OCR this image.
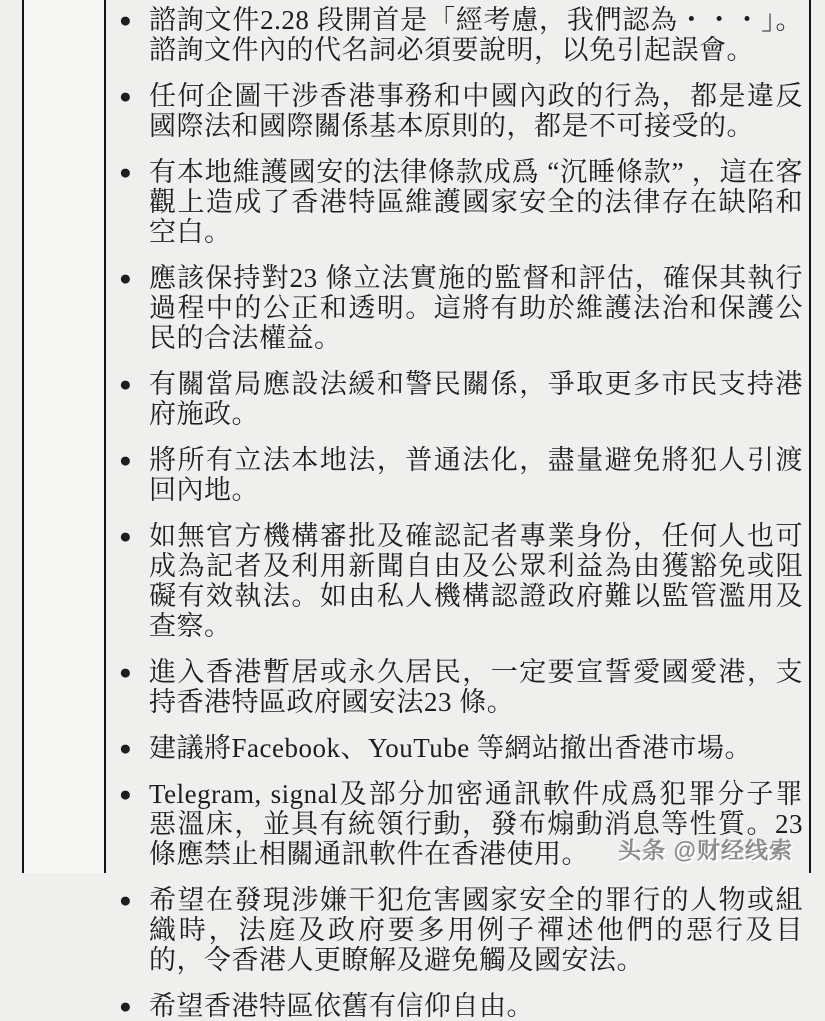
● 諮詢文件2.28 段開首是「經考慮，我們認為・・・」。諮詢文件內的代名詞必須要說明，以免引起誤會。
● 任何企圖干涉香港事務和中國內政的行為，都是違反國際法和國際關係基本原則的，都是不可接受的。
● 有本地維護國安的法律條款成爲 “沉睡條款” ，這在客觀上造成了香港特區維護國家安全的法律存在缺陷和空白。
● 應該保持對23 條立法實施的監督和評估，確保其執行過程中的公正和透明。這將有助於維護法治和保護公民的合法權益。
● 有關當局應設法緩和警民關係，爭取更多市民支持港府施政。
● 將所有立法本地法，普通法化，盡量避免將犯人引渡回內地。
● 如無官方機構審批及確認記者專業身份，任何人也可成為記者及利用新聞自由及公眾利益為由獲豁免或阻礙有效執法。如由私人機構認證政府難以監管濫用及查察。
● 進入香港暫居或永久居民，一定要宣誓愛國愛港，支持香港特區政府國安法23 條。
● 建議將Facebook、YouTube 等網站撤出香港市場。
● Telegram, signal及部分加密通訊軟件成爲犯罪分子罪惡溫床，並具有統領行動，發布煽動消息等性質。23條應禁止相關通訊軟件在香港使用。
● 希望在發現涉嫌干犯危害國家安全的罪行的人物或組織時，法庭及政府要多用例子禪述他們的惡行及目的，令香港人更瞭解及避免觸及國安法。
● 希望香港特區依舊有信仰自由。
头条 @财经线索
